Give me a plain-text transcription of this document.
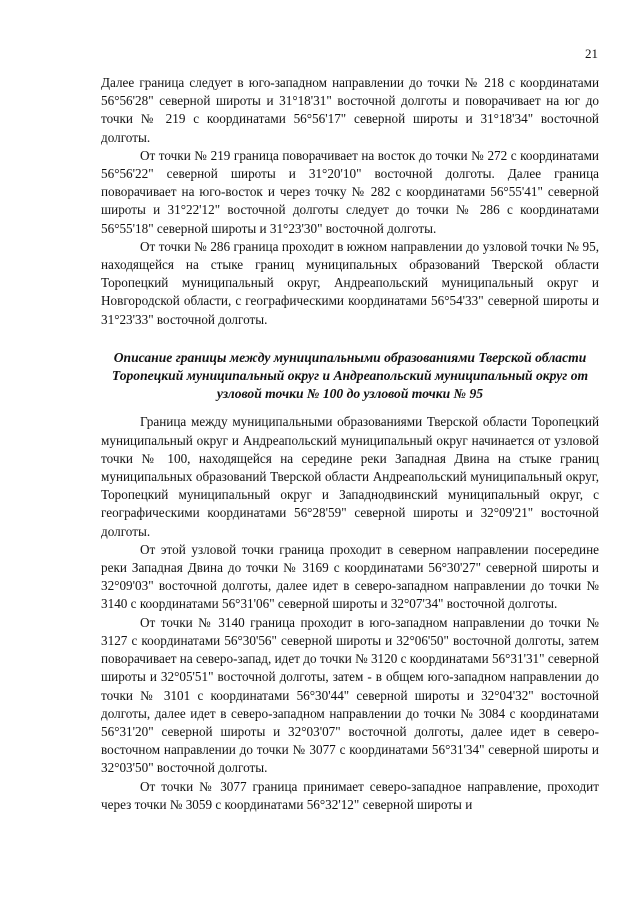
21

Далее граница следует в юго-западном направлении до точки № 218 с координатами 56°56'28" северной широты и 31°18'31" восточной долготы и поворачивает на юг до точки № 219 с координатами 56°56'17" северной широты и 31°18'34" восточной долготы.

От точки № 219 граница поворачивает на восток до точки № 272 с координатами 56°56'22" северной широты и 31°20'10" восточной долготы. Далее граница поворачивает на юго-восток и через точку № 282 с координатами 56°55'41" северной широты и 31°22'12" восточной долготы следует до точки № 286 с координатами 56°55'18" северной широты и 31°23'30" восточной долготы.

От точки № 286 граница проходит в южном направлении до узловой точки № 95, находящейся на стыке границ муниципальных образований Тверской области Торопецкий муниципальный округ, Андреапольский муниципальный округ и Новгородской области, с географическими координатами 56°54'33" северной широты и 31°23'33" восточной долготы.

Описание границы между муниципальными образованиями Тверской области Торопецкий муниципальный округ и Андреапольский муниципальный округ от узловой точки № 100 до узловой точки № 95

Граница между муниципальными образованиями Тверской области Торопецкий муниципальный округ и Андреапольский муниципальный округ начинается от узловой точки № 100, находящейся на середине реки Западная Двина на стыке границ муниципальных образований Тверской области Андреапольский муниципальный округ, Торопецкий муниципальный округ и Западнодвинский муниципальный округ, с географическими координатами 56°28'59" северной широты и 32°09'21" восточной долготы.

От этой узловой точки граница проходит в северном направлении посередине реки Западная Двина до точки № 3169 с координатами 56°30'27" северной широты и 32°09'03" восточной долготы, далее идет в северо-западном направлении до точки № 3140 с координатами 56°31'06" северной широты и 32°07'34" восточной долготы.

От точки № 3140 граница проходит в юго-западном направлении до точки № 3127 с координатами 56°30'56" северной широты и 32°06'50" восточной долготы, затем поворачивает на северо-запад, идет до точки № 3120 с координатами 56°31'31" северной широты и 32°05'51" восточной долготы, затем - в общем юго-западном направлении до точки № 3101 с координатами 56°30'44" северной широты и 32°04'32" восточной долготы, далее идет в северо-западном направлении до точки № 3084 с координатами 56°31'20" северной широты и 32°03'07" восточной долготы, далее идет в северо-восточном направлении до точки № 3077 с координатами 56°31'34" северной широты и 32°03'50" восточной долготы.

От точки № 3077 граница принимает северо-западное направление, проходит через точки № 3059 с координатами 56°32'12" северной широты и
